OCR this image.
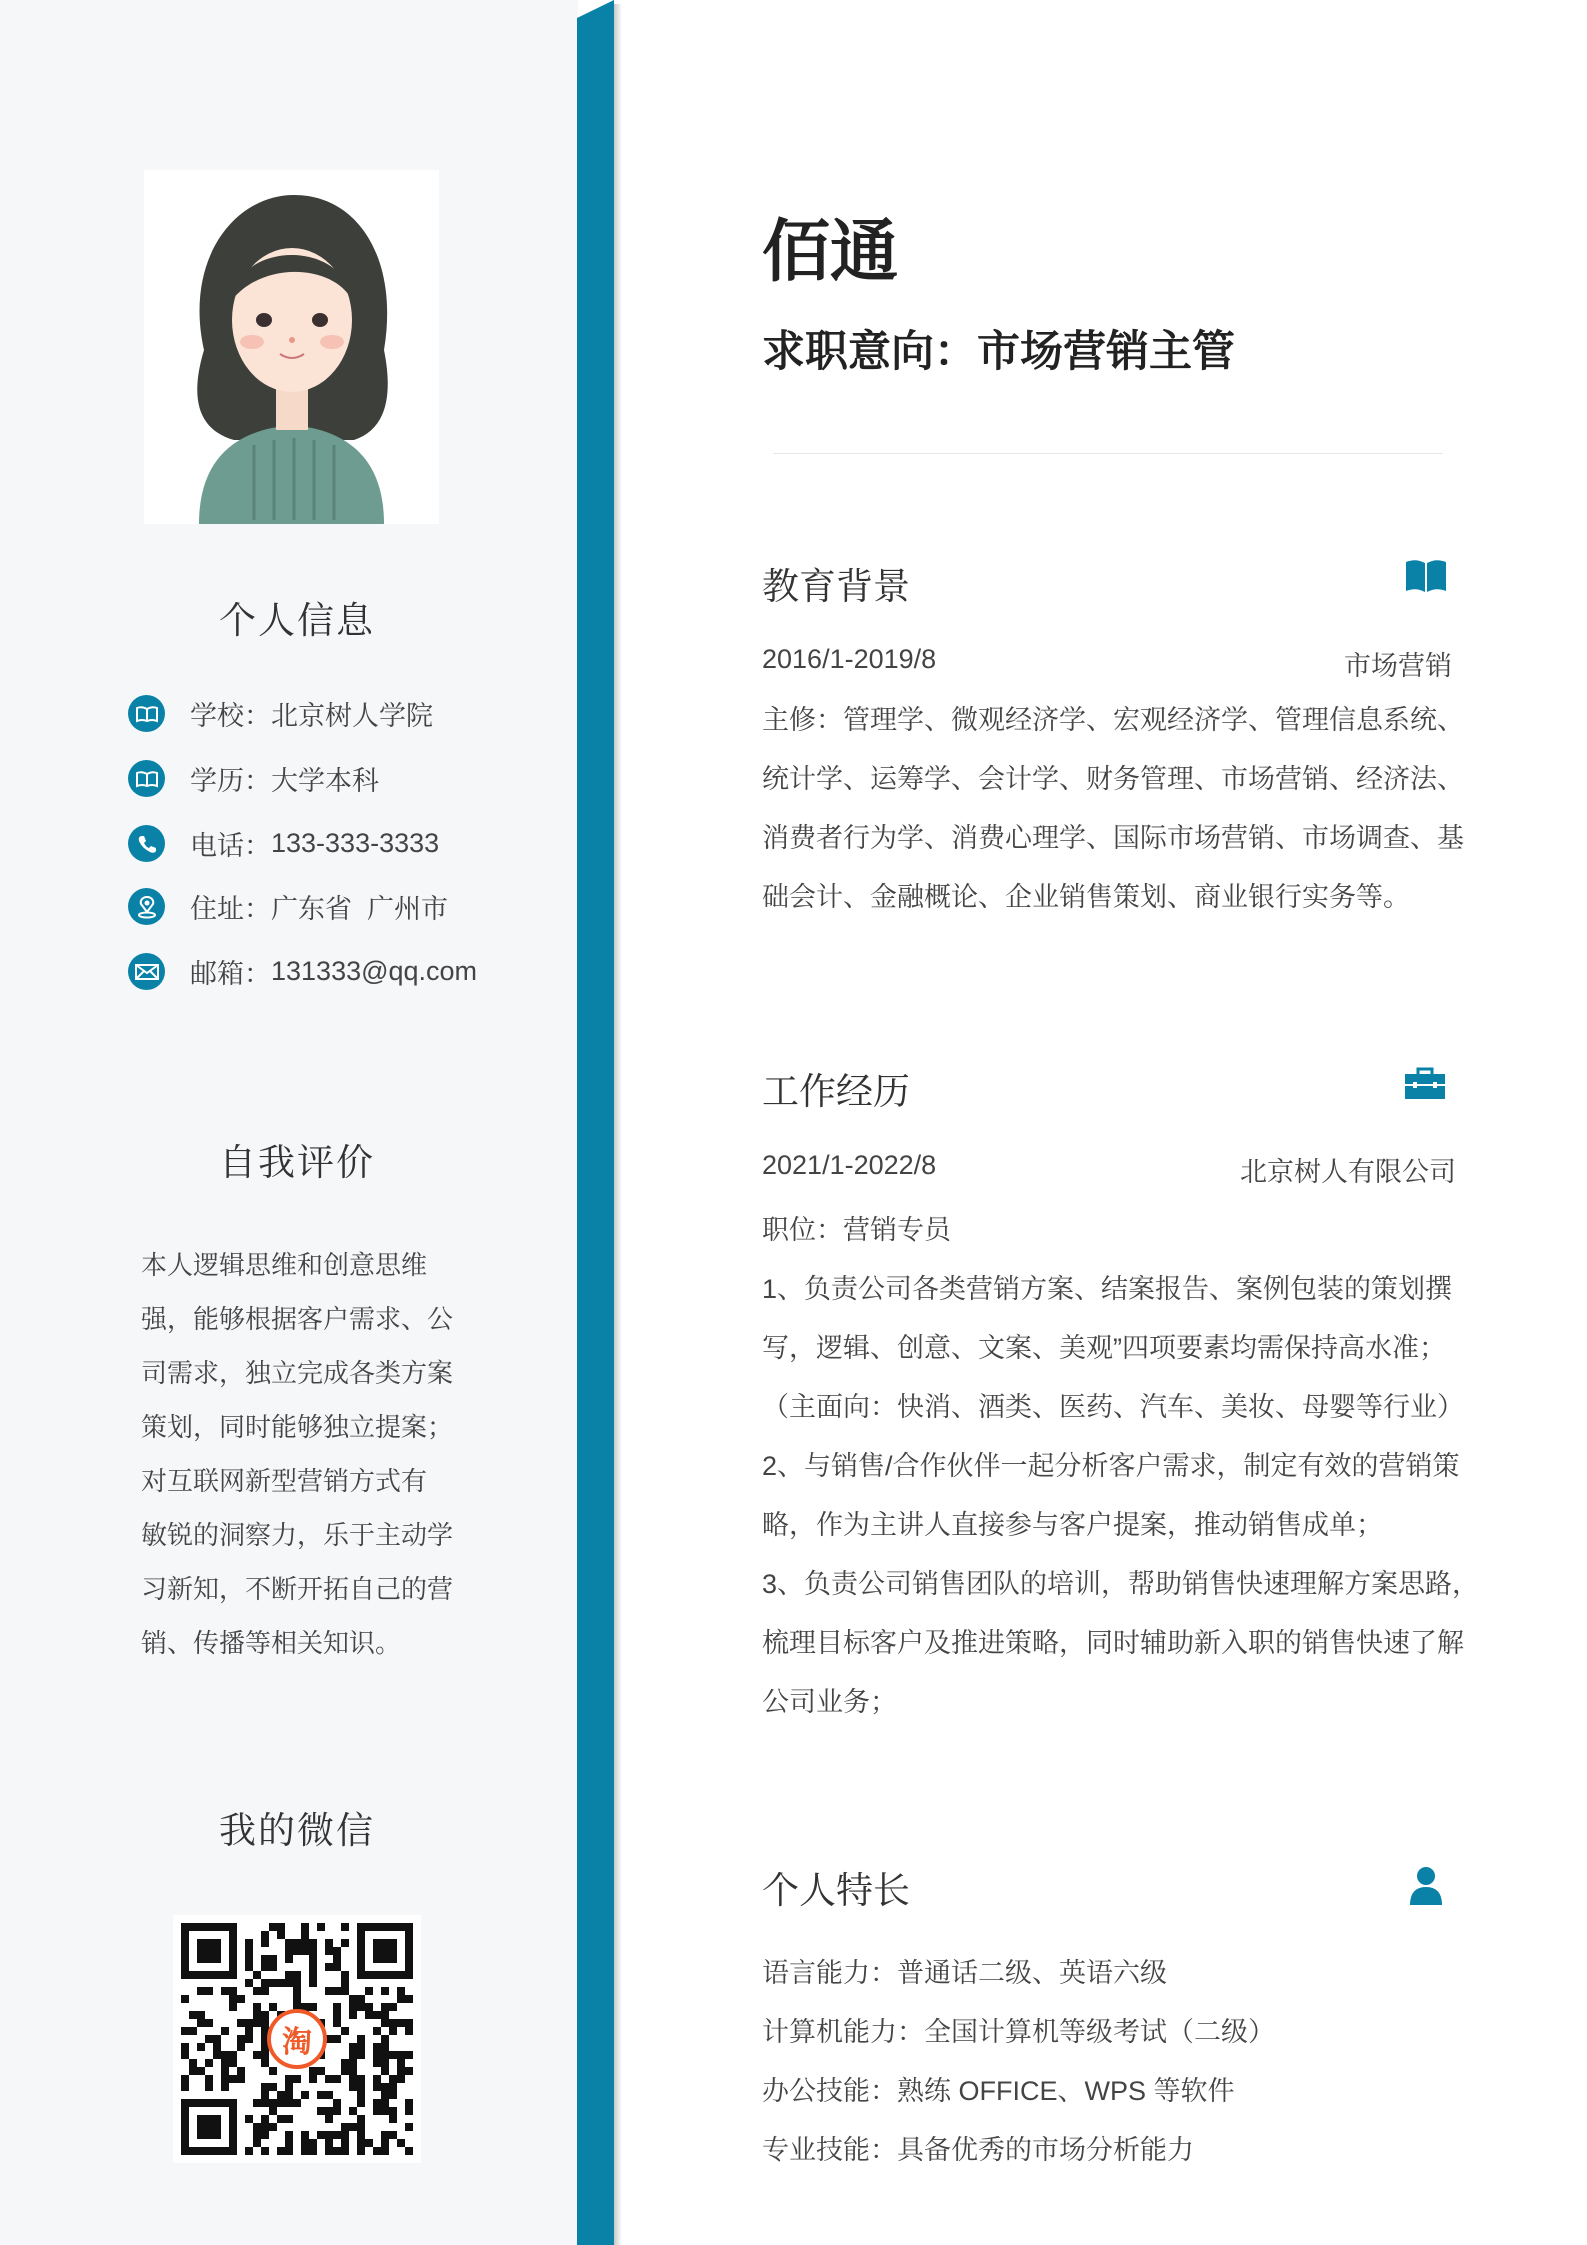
个人信息
学校： 北京树人学院
学历： 大学本科
电话： 133-333-3333
住址： 广东省  广州市
邮箱： 131333@qq.com
自我评价

本人逻辑思维和创意思维

强，能够根据客户需求、公

司需求，独立完成各类方案

策划，同时能够独立提案；

对互联网新型营销方式有

敏锐的洞察力，乐于主动学

习新知，不断开拓自己的营

销、传播等相关知识。

我的微信
淘
佰通
求职意向：市场营销主管
教育背景
2016/1-2019/8	市场营销

主修：管理学、微观经济学、宏观经济学、管理信息系统、

统计学、运筹学、会计学、财务管理、市场营销、经济法、

消费者行为学、消费心理学、国际市场营销、市场调查、基

础会计、金融概论、企业销售策划、商业银行实务等。

工作经历
2021/1-2022/8	北京树人有限公司

职位：营销专员

1、负责公司各类营销方案、结案报告、案例包装的策划撰

写，逻辑、创意、文案、美观”四项要素均需保持高水准；

（主面向：快消、酒类、医药、汽车、美妆、母婴等行业）

2、与销售/合作伙伴一起分析客户需求，制定有效的营销策

略，作为主讲人直接参与客户提案，推动销售成单；

3、负责公司销售团队的培训，帮助销售快速理解方案思路，

梳理目标客户及推进策略，同时辅助新入职的销售快速了解

公司业务；

个人特长

语言能力：普通话二级、英语六级

计算机能力：全国计算机等级考试（二级）

办公技能：熟练 OFFICE、WPS 等软件

专业技能：具备优秀的市场分析能力
